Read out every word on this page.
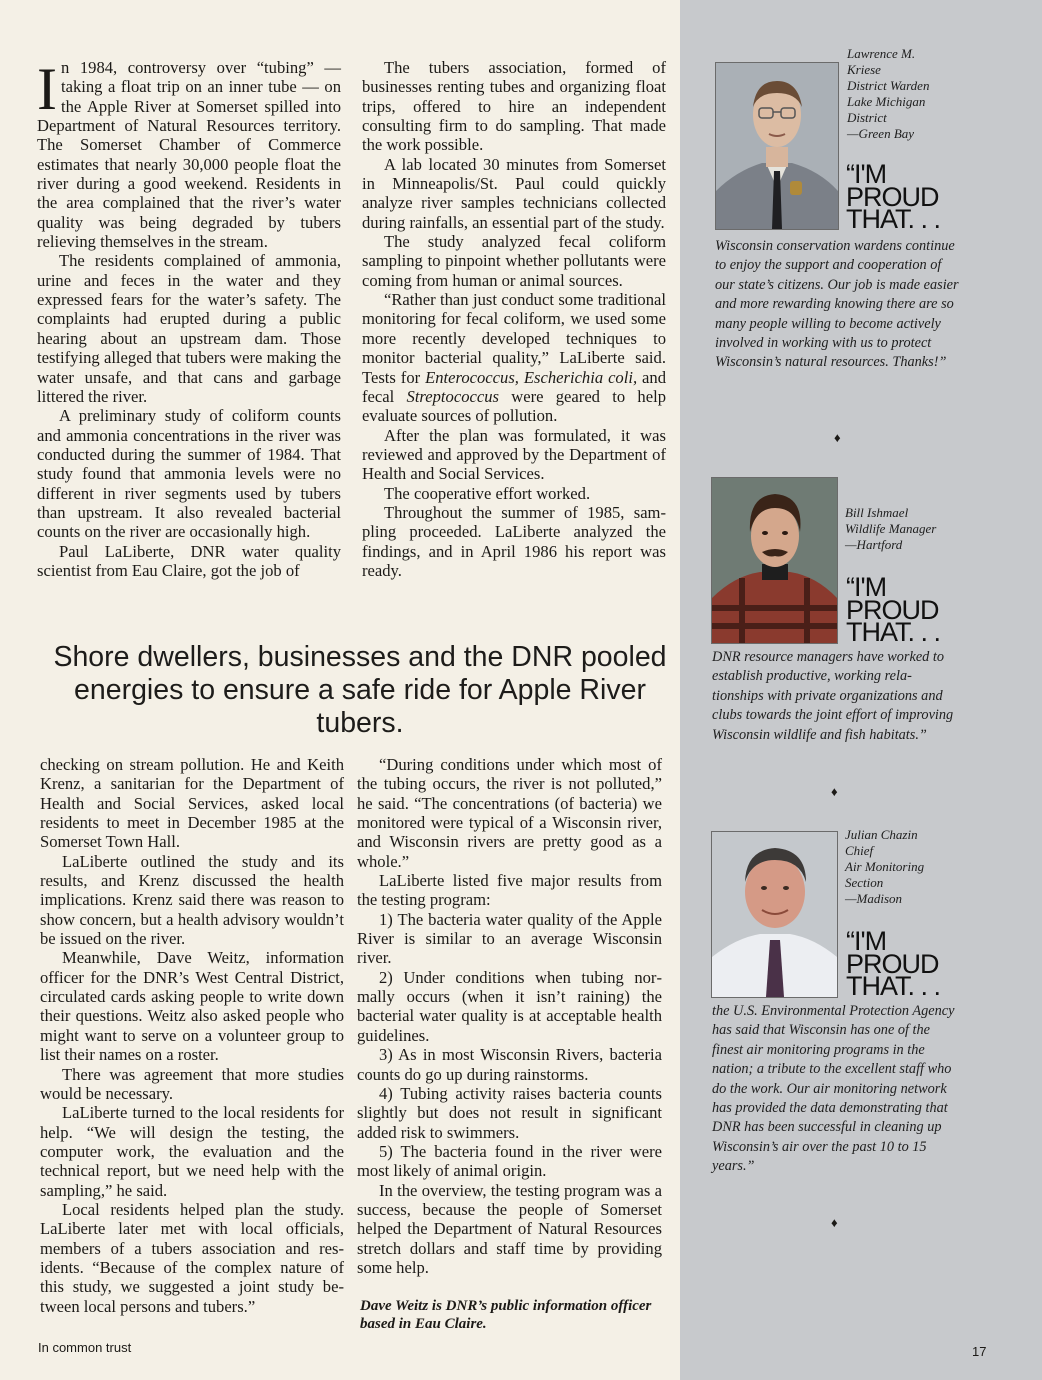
In 1984, controversy over “tubing” — taking a float trip on an inner tube — on the Apple River at Somerset spilled into Department of Natural Resources territory. The Somerset Chamber of Commerce estimates that nearly 30,000 people float the river during a good weekend. Residents in the area complained that the river’s water quality was being degraded by tubers relieving themselves in the stream.

The residents complained of ammonia, urine and feces in the water and they expressed fears for the water’s safety. The complaints had erupted during a public hearing about an upstream dam. Those testifying alleged that tubers were making the water unsafe, and that cans and garbage littered the river.

A preliminary study of coliform counts and ammonia concentrations in the river was conducted during the summer of 1984. That study found that ammonia levels were no different in river segments used by tubers than upstream. It also revealed bacterial counts on the river are occasionally high.

Paul LaLiberte, DNR water quality scientist from Eau Claire, got the job of

The tubers association, formed of businesses renting tubes and organizing float trips, offered to hire an independent consulting firm to do sampling. That made the work possible.

A lab located 30 minutes from Somerset in Minneapolis/St. Paul could quickly analyze river samples technicians collected during rainfalls, an essential part of the study.

The study analyzed fecal coliform sampling to pinpoint whether pollutants were coming from human or animal sources.

“Rather than just conduct some traditional monitoring for fecal coliform, we used some more recently developed techniques to monitor bacterial quality,” LaLiberte said. Tests for Enterococcus, Escherichia coli, and fecal Streptococcus were geared to help evaluate sources of pollution.

After the plan was formulated, it was reviewed and approved by the Department of Health and Social Services.

The cooperative effort worked.

Throughout the summer of 1985, sampling proceeded. LaLiberte analyzed the findings, and in April 1986 his report was ready.

Shore dwellers, businesses and the DNR pooled energies to ensure a safe ride for Apple River tubers.

checking on stream pollution. He and Keith Krenz, a sanitarian for the Department of Health and Social Services, asked local residents to meet in December 1985 at the Somerset Town Hall.

LaLiberte outlined the study and its results, and Krenz discussed the health implications. Krenz said there was reason to show concern, but a health advisory wouldn’t be issued on the river.

Meanwhile, Dave Weitz, information officer for the DNR’s West Central District, circulated cards asking people to write down their questions. Weitz also asked people who might want to serve on a volunteer group to list their names on a roster.

There was agreement that more studies would be necessary.

LaLiberte turned to the local residents for help. “We will design the testing, the computer work, the evaluation and the technical report, but we need help with the sampling,” he said.

Local residents helped plan the study. LaLiberte later met with local officials, members of a tubers association and residents. “Because of the complex nature of this study, we suggested a joint study between local persons and tubers.”

“During conditions under which most of the tubing occurs, the river is not polluted,” he said. “The concentrations (of bacteria) we monitored were typical of a Wisconsin river, and Wisconsin rivers are pretty good as a whole.”

LaLiberte listed five major results from the testing program:

1) The bacteria water quality of the Apple River is similar to an average Wisconsin river.

2) Under conditions when tubing normally occurs (when it isn’t raining) the bacterial water quality is at acceptable health guidelines.

3) As in most Wisconsin Rivers, bacteria counts do go up during rainstorms.

4) Tubing activity raises bacteria counts slightly but does not result in significant added risk to swimmers.

5) The bacteria found in the river were most likely of animal origin.

In the overview, the testing program was a success, because the people of Somerset helped the Department of Natural Resources stretch dollars and staff time by providing some help.

Dave Weitz is DNR’s public information officer based in Eau Claire.
In common trust	17
Lawrence M.
Kriese
District Warden
Lake Michigan
District
—Green Bay
“I'M
PROUD
THAT. . .
Wisconsin conservation wardens continue to enjoy the support and cooperation of our state’s citizens. Our job is made easier and more rewarding knowing there are so many people willing to become actively involved in working with us to protect Wisconsin’s natural resources. Thanks!”
♦
Bill Ishmael
Wildlife Manager
—Hartford
“I'M
PROUD
THAT. . .
DNR resource managers have worked to establish productive, working relationships with private organizations and clubs towards the joint effort of improving Wisconsin wildlife and fish habitats.”
♦
Julian Chazin
Chief
Air Monitoring
Section
—Madison
“I'M
PROUD
THAT. . .
the U.S. Environmental Protection Agency has said that Wisconsin has one of the finest air monitoring programs in the nation; a tribute to the excellent staff who do the work. Our air monitoring network has provided the data demonstrating that DNR has been successful in cleaning up Wisconsin’s air over the past 10 to 15 years.”
♦
